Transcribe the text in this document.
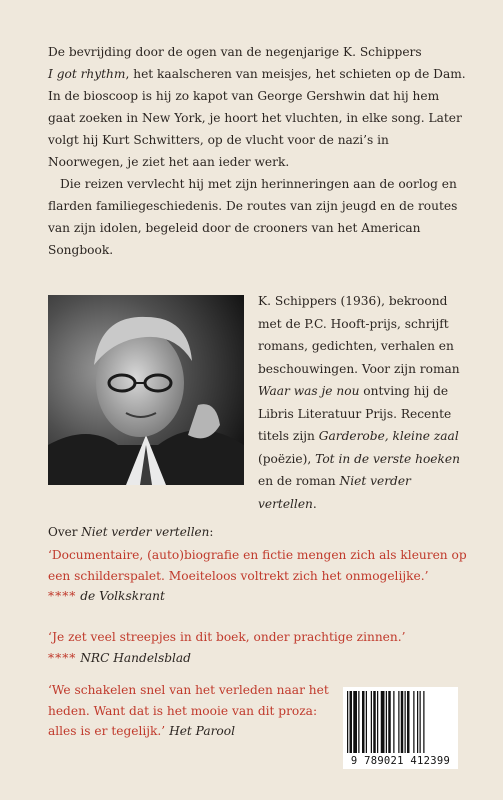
De bevrijding door de ogen van de negenjarige K. Schippers
I got rhythm, het kaalscheren van meisjes, het schieten op de Dam. In de bioscoop is hij zo kapot van George Gershwin dat hij hem gaat zoeken in New York, je hoort het vluchten, in elke song. Later volgt hij Kurt Schwitters, op de vlucht voor de nazi’s in Noorwegen, je ziet het aan ieder werk.

Die reizen vervlecht hij met zijn herinneringen aan de oorlog en flarden familiegeschiedenis. De routes van zijn jeugd en de routes van zijn idolen, begeleid door de crooners van het American Songbook.

K. Schippers (1936), bekroond met de P.C. Hooft-prijs, schrijft romans, gedichten, verhalen en beschouwingen. Voor zijn roman Waar was je nou ontving hij de Libris Literatuur Prijs. Recente titels zijn Garderobe, kleine zaal (poëzie), Tot in de verste hoeken en de roman Niet verder vertellen.

Over Niet verder vertellen:

‘Documentaire, (auto)biografie en fictie mengen zich als kleuren op een schilderspalet. Moeiteloos voltrekt zich het onmogelijke.’
**** de Volkskrant

‘Je zet veel streepjes in dit boek, onder prachtige zinnen.’
**** NRC Handelsblad

‘We schakelen snel van het verleden naar het heden. Want dat is het mooie van dit proza: alles is er tegelijk.’ Het Parool

9 789021 412399
